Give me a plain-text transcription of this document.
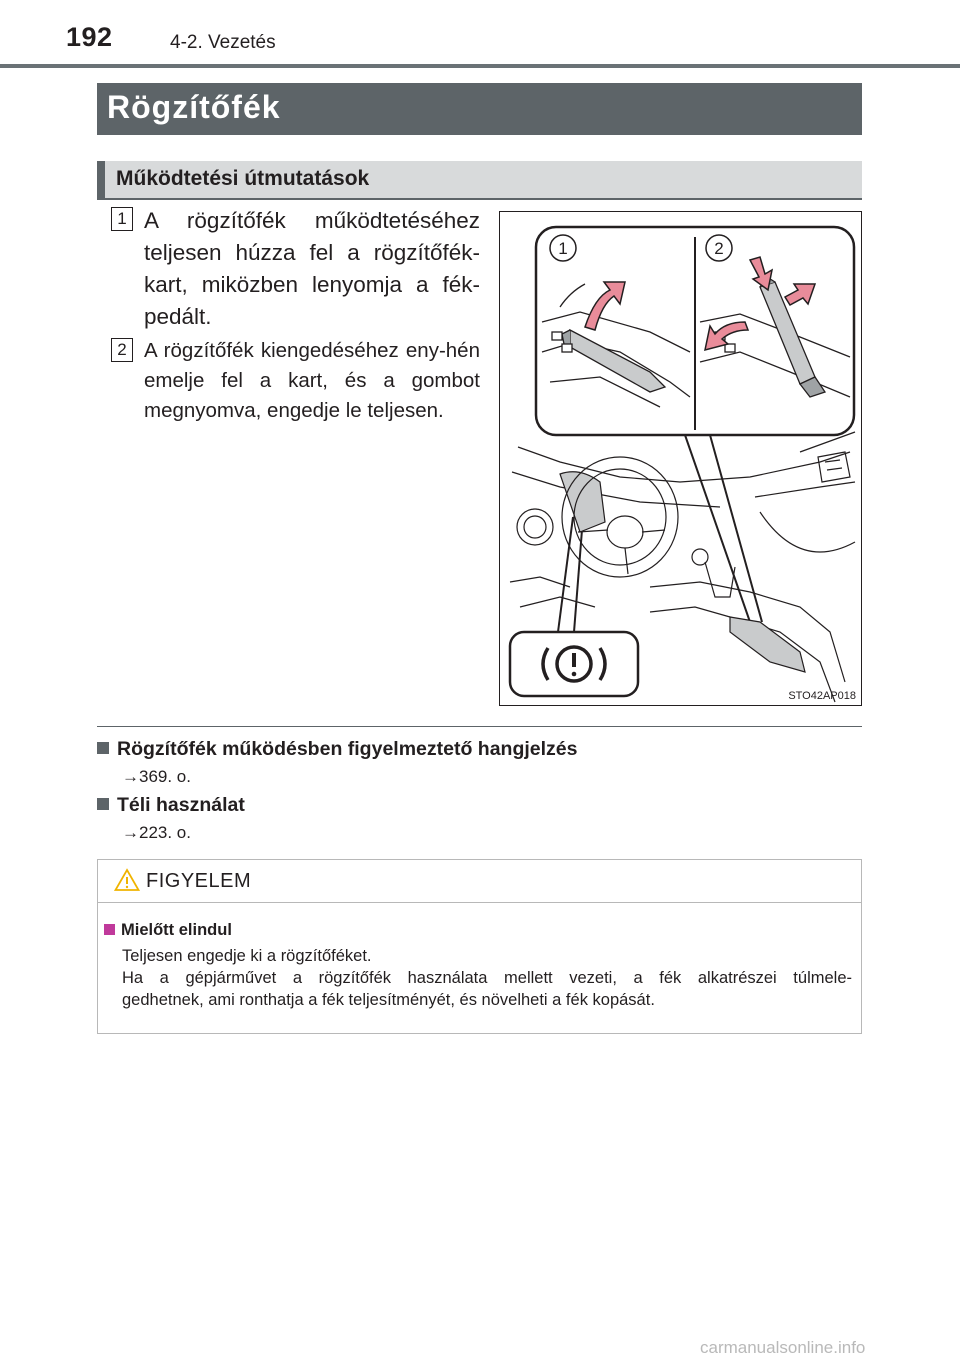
192	4-2. Vezetés
Rögzítőfék
Működtetési útmutatások
1 A rögzítőfék működtetéséhez teljesen húzza fel a rögzítőfék-kart, miközben lenyomja a fék-pedált.
2 A rögzítőfék kiengedéséhez eny-hén emelje fel a kart, és a gombot megnyomva, engedje le teljesen.
1	2
STO42AP018
Rögzítőfék működésben figyelmeztető hangjelzés
→369. o.
Téli használat
→223. o.
FIGYELEM
Mielőtt elindul
Teljesen engedje ki a rögzítőféket.
Ha a gépjárművet a rögzítőfék használata mellett vezeti, a fék alkatrészei túlmele-
gedhetnek, ami ronthatja a fék teljesítményét, és növelheti a fék kopását.
carmanualsonline.info
